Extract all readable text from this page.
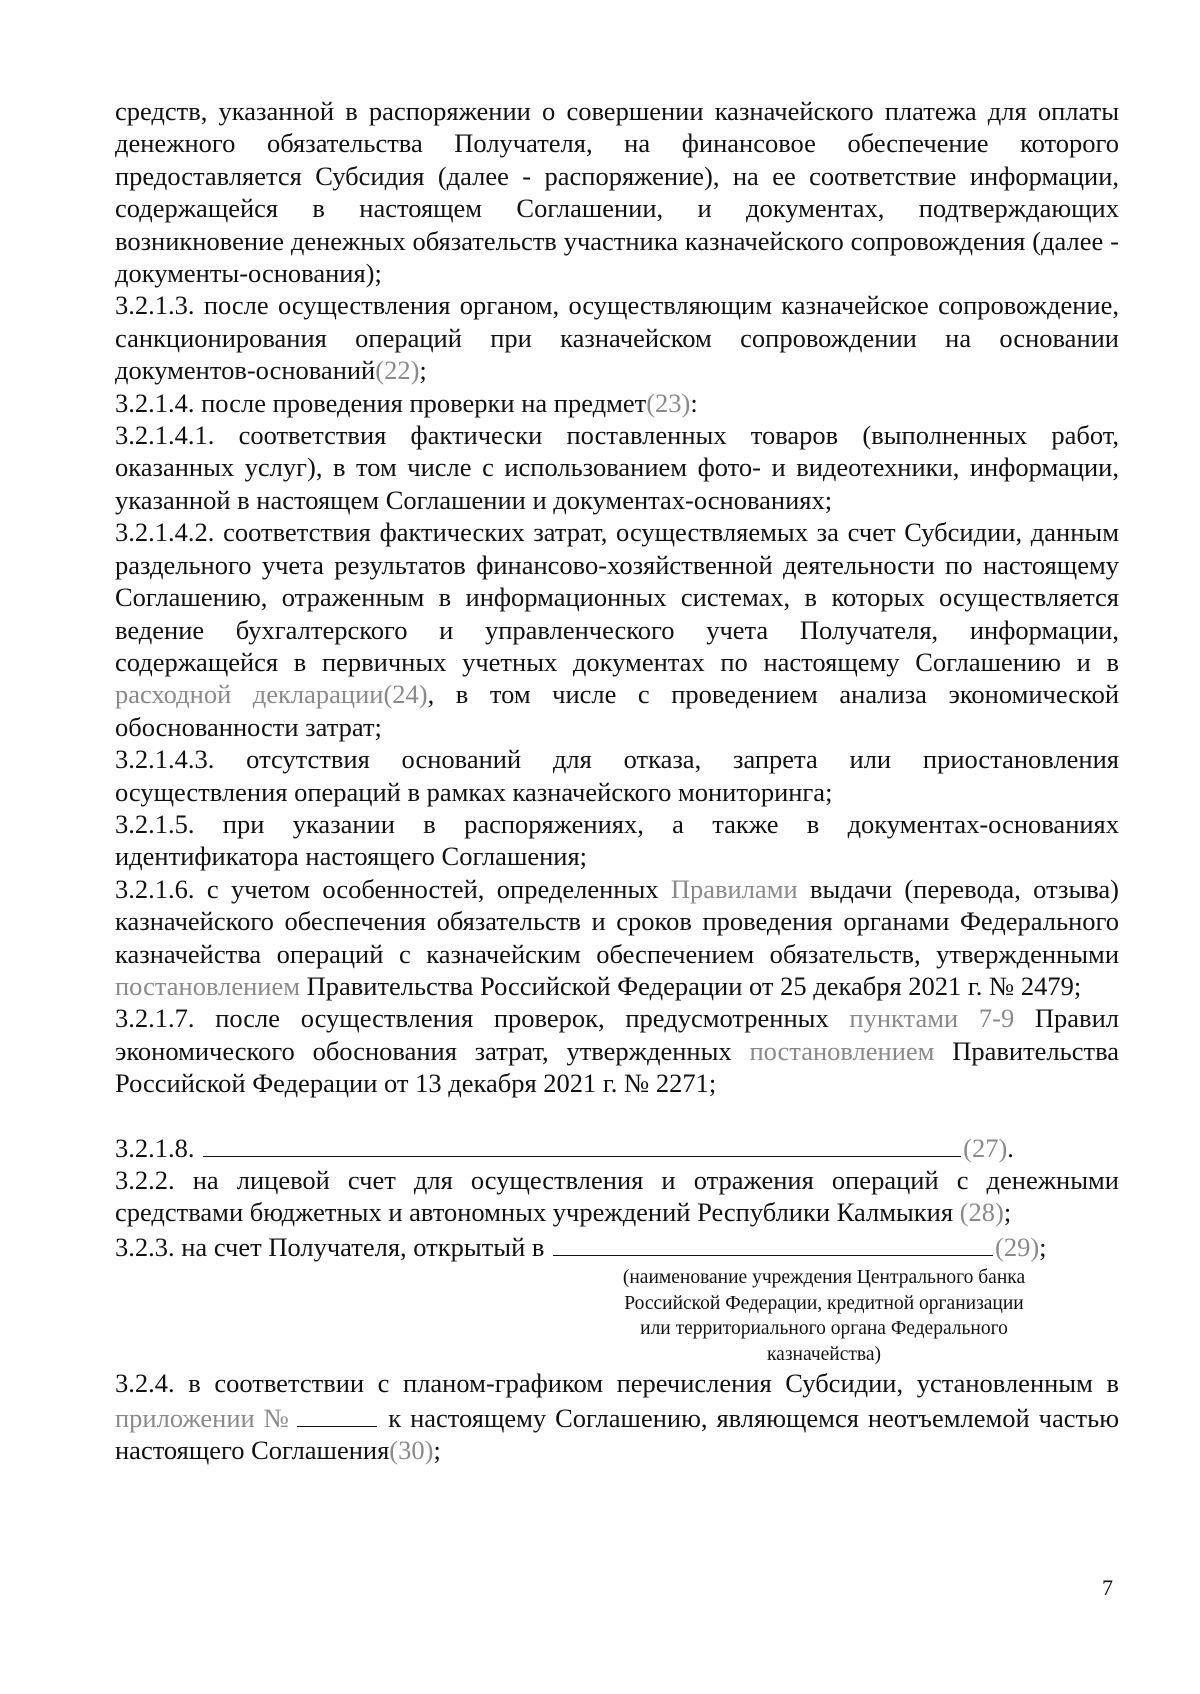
средств, указанной в распоряжении о совершении казначейского платежа для оплаты денежного обязательства Получателя, на финансовое обеспечение которого предоставляется Субсидия (далее - распоряжение), на ее соответствие информации, содержащейся в настоящем Соглашении, и документах, подтверждающих возникновение денежных обязательств участника казначейского сопровождения (далее - документы-основания);

3.2.1.3. после осуществления органом, осуществляющим казначейское сопровождение, санкционирования операций при казначейском сопровождении на основании документов-оснований(22);

3.2.1.4. после проведения проверки на предмет(23):

3.2.1.4.1. соответствия фактически поставленных товаров (выполненных работ, оказанных услуг), в том числе с использованием фото- и видеотехники, информации, указанной в настоящем Соглашении и документах-основаниях;

3.2.1.4.2. соответствия фактических затрат, осуществляемых за счет Субсидии, данным раздельного учета результатов финансово-хозяйственной деятельности по настоящему Соглашению, отраженным в информационных системах, в которых осуществляется ведение бухгалтерского и управленческого учета Получателя, информации, содержащейся в первичных учетных документах по настоящему Соглашению и в расходной декларации(24), в том числе с проведением анализа экономической обоснованности затрат;

3.2.1.4.3. отсутствия оснований для отказа, запрета или приостановления осуществления операций в рамках казначейского мониторинга;

3.2.1.5. при указании в распоряжениях, а также в документах-основаниях идентификатора настоящего Соглашения;

3.2.1.6. с учетом особенностей, определенных Правилами выдачи (перевода, отзыва) казначейского обеспечения обязательств и сроков проведения органами Федерального казначейства операций с казначейским обеспечением обязательств, утвержденными постановлением Правительства Российской Федерации от 25 декабря 2021 г. № 2479;

3.2.1.7. после осуществления проверок, предусмотренных пунктами 7-9 Правил экономического обоснования затрат, утвержденных постановлением Правительства Российской Федерации от 13 декабря 2021 г. № 2271;

3.2.1.8.	(27).

3.2.2. на лицевой счет для осуществления и отражения операций с денежными средствами бюджетных и автономных учреждений Республики Калмыкия (28);

3.2.3. на счет Получателя, открытый в	(29);

(наименование учреждения Центрального банка Российской Федерации, кредитной организации или территориального органа Федерального казначейства)

3.2.4. в соответствии с планом-графиком перечисления Субсидии, установленным в приложении №	к настоящему Соглашению, являющемся неотъемлемой частью настоящего Соглашения(30);

7
